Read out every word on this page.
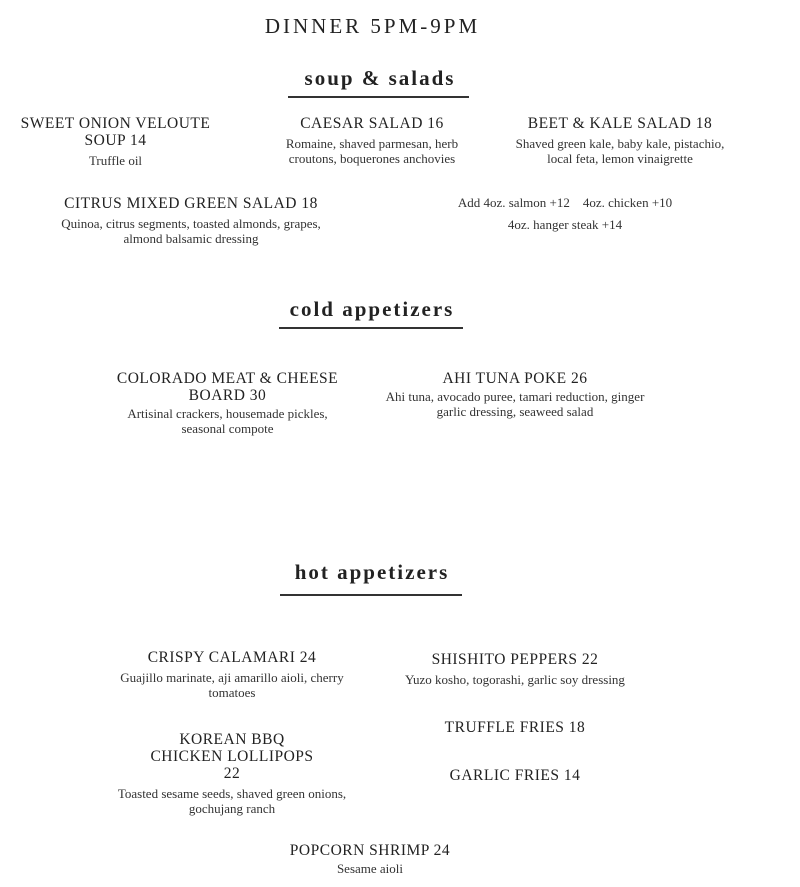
DINNER 5PM-9PM
soup & salads
SWEET ONION VELOUTE SOUP 14
Truffle oil
CAESAR SALAD 16
Romaine, shaved parmesan, herb croutons, boquerones anchovies
BEET & KALE SALAD 18
Shaved green kale, baby kale, pistachio, local feta, lemon vinaigrette
CITRUS MIXED GREEN SALAD 18
Quinoa, citrus segments, toasted almonds, grapes, almond balsamic dressing
Add 4oz. salmon +12    4oz. chicken +10
4oz. hanger steak +14
cold appetizers
COLORADO MEAT & CHEESE BOARD 30
Artisinal crackers, housemade pickles, seasonal compote
AHI TUNA POKE 26
Ahi tuna, avocado puree, tamari reduction, ginger garlic dressing, seaweed salad
hot appetizers
CRISPY CALAMARI 24
Guajillo marinate, aji amarillo aioli, cherry tomatoes
SHISHITO PEPPERS 22
Yuzo kosho, togorashi, garlic soy dressing
KOREAN BBQ CHICKEN LOLLIPOPS 22
Toasted sesame seeds, shaved green onions, gochujang ranch
TRUFFLE FRIES 18
GARLIC FRIES 14
POPCORN SHRIMP 24
Sesame aioli
